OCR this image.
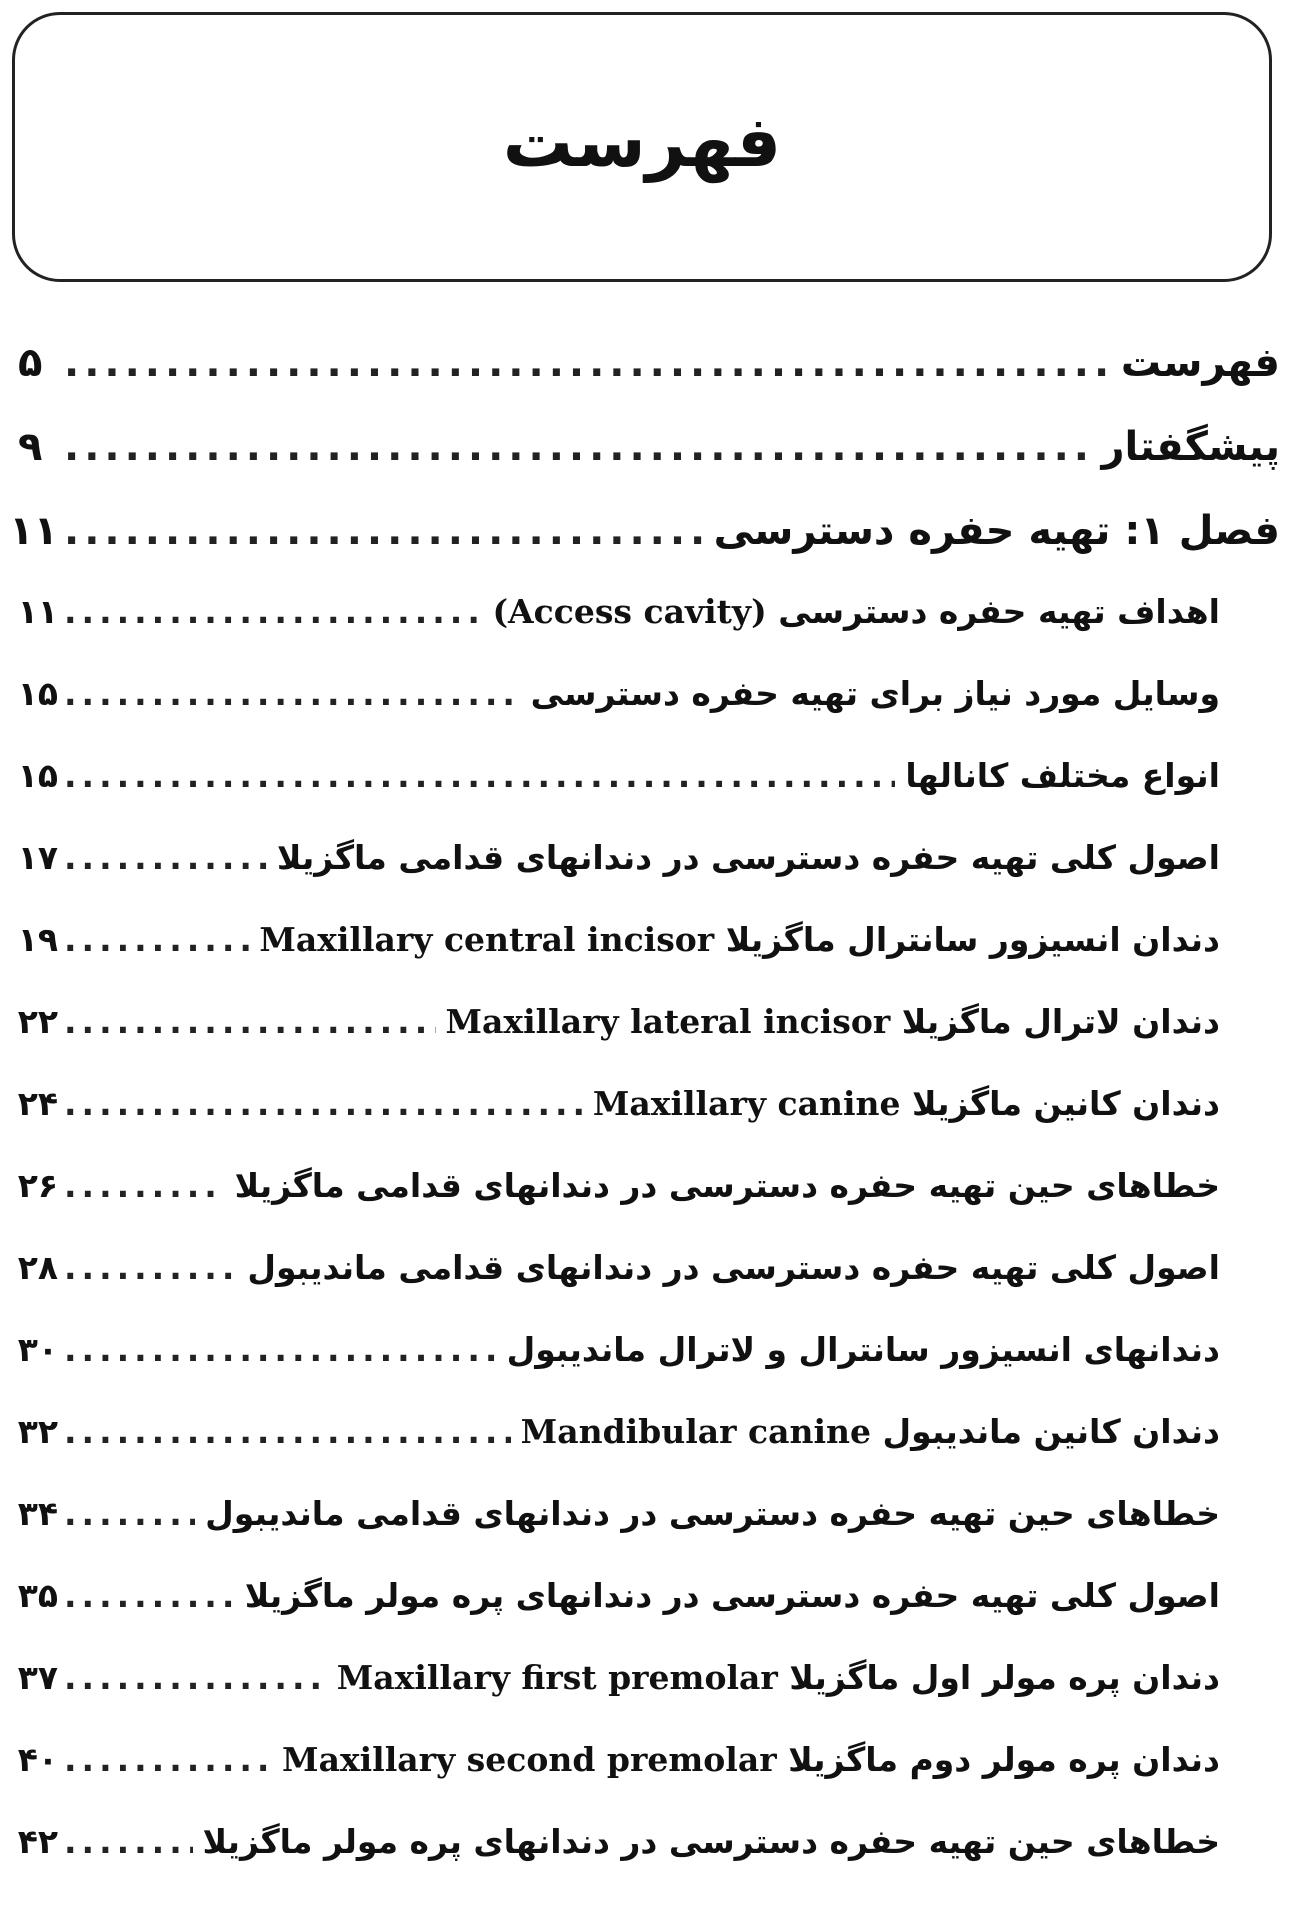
فهرست
فهرست
.....
۵
پیشگفتار
.....
۹
فصل ۱: تهیه حفره دسترسی
.....
۱۱
اهداف تهیه حفره دسترسی (Access cavity)
.....
۱۱
وسایل مورد نیاز برای تهیه حفره دسترسی
.....
۱۵
انواع مختلف کانالها
.....
۱۵
اصول کلی تهیه حفره دسترسی در دندانهای قدامی ماگزیلا
.....
۱۷
دندان انسیزور سانترال ماگزیلا Maxillary central incisor
.....
۱۹
دندان لاترال ماگزیلا Maxillary lateral incisor
.....
۲۲
دندان کانین ماگزیلا Maxillary canine
.....
۲۴
خطاهای حین تهیه حفره دسترسی در دندانهای قدامی ماگزیلا
.....
۲۶
اصول کلی تهیه حفره دسترسی در دندانهای قدامی مانديبول
.....
۲۸
دندانهای انسیزور سانترال و لاترال مانديبول
.....
۳۰
دندان کانین مانديبول Mandibular canine
.....
۳۲
خطاهای حین تهیه حفره دسترسی در دندانهای قدامی مانديبول
.....
۳۴
اصول کلی تهیه حفره دسترسی در دندانهای پره مولر ماگزیلا
.....
۳۵
دندان پره مولر اول ماگزیلا Maxillary first premolar
.....
۳۷
دندان پره مولر دوم ماگزیلا Maxillary second premolar
.....
۴۰
خطاهای حین تهیه حفره دسترسی در دندانهای پره مولر ماگزیلا
.....
۴۲
